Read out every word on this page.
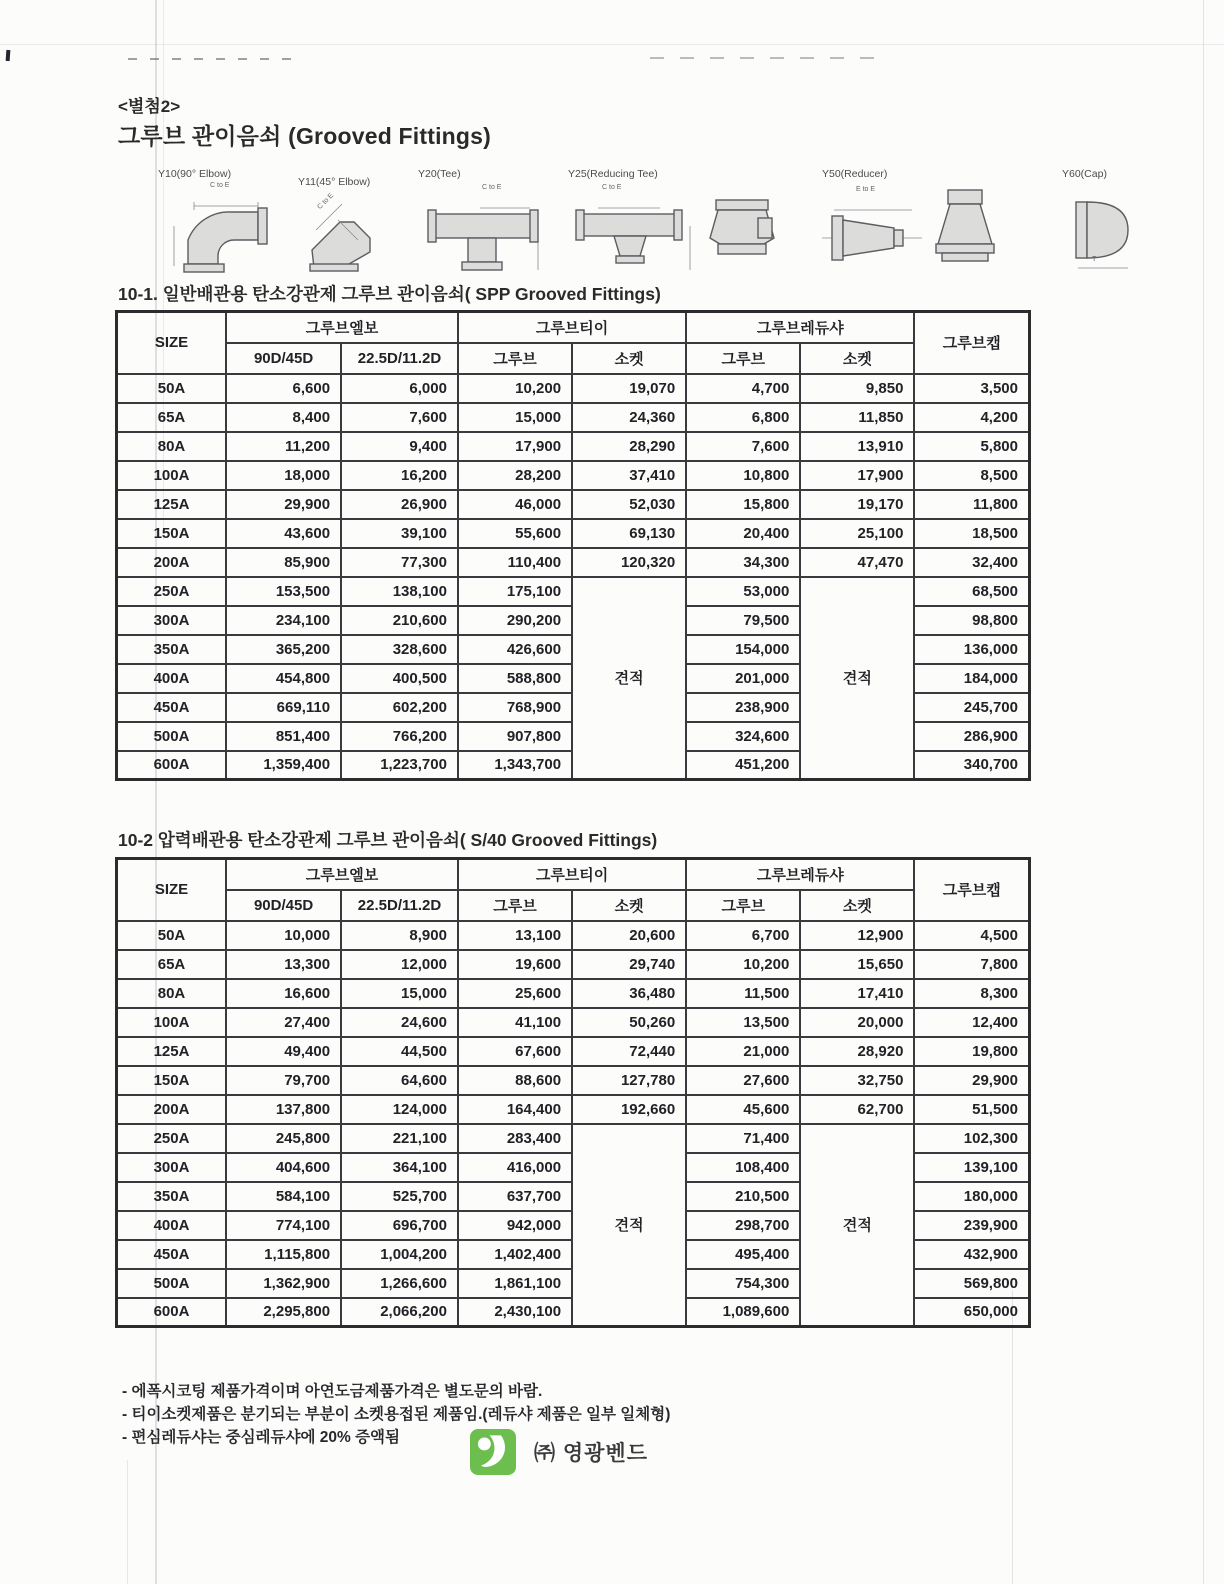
<별첨2>
그루브 관이음쇠 (Grooved Fittings)
Y10(90° Elbow)
C to E	Y11(45° Elbow)
C to E
Y20(Tee)
C to E
Y25(Reducing Tee)
C to E
Y50(Reducer)
E to E
Y60(Cap)
T
10-1. 일반배관용 탄소강관제 그루브 관이음쇠( SPP Grooved Fittings)
SIZE	그루브엘보		그루브티이		그루브레듀샤		그루브캡
	90D/45D	22.5D/11.2D	그루브	소켓	그루브	소켓	
50A	6,600	6,000	10,200	19,070	4,700	9,850	3,500
65A	8,400	7,600	15,000	24,360	6,800	11,850	4,200
80A	11,200	9,400	17,900	28,290	7,600	13,910	5,800
100A	18,000	16,200	28,200	37,410	10,800	17,900	8,500
125A	29,900	26,900	46,000	52,030	15,800	19,170	11,800
150A	43,600	39,100	55,600	69,130	20,400	25,100	18,500
200A	85,900	77,300	110,400	120,320	34,300	47,470	32,400
250A	153,500	138,100	175,100	견적	53,000	견적	68,500
300A	234,100	210,600	290,200		79,500		98,800
350A	365,200	328,600	426,600		154,000		136,000
400A	454,800	400,500	588,800		201,000		184,000
450A	669,110	602,200	768,900		238,900		245,700
500A	851,400	766,200	907,800		324,600		286,900
600A	1,359,400	1,223,700	1,343,700		451,200		340,700
10-2 압력배관용 탄소강관제 그루브 관이음쇠( S/40 Grooved Fittings)
SIZE	그루브엘보		그루브티이		그루브레듀샤		그루브캡
	90D/45D	22.5D/11.2D	그루브	소켓	그루브	소켓	
50A	10,000	8,900	13,100	20,600	6,700	12,900	4,500
65A	13,300	12,000	19,600	29,740	10,200	15,650	7,800
80A	16,600	15,000	25,600	36,480	11,500	17,410	8,300
100A	27,400	24,600	41,100	50,260	13,500	20,000	12,400
125A	49,400	44,500	67,600	72,440	21,000	28,920	19,800
150A	79,700	64,600	88,600	127,780	27,600	32,750	29,900
200A	137,800	124,000	164,400	192,660	45,600	62,700	51,500
250A	245,800	221,100	283,400	견적	71,400	견적	102,300
300A	404,600	364,100	416,000		108,400		139,100
350A	584,100	525,700	637,700		210,500		180,000
400A	774,100	696,700	942,000		298,700		239,900
450A	1,115,800	1,004,200	1,402,400		495,400		432,900
500A	1,362,900	1,266,600	1,861,100		754,300		569,800
600A	2,295,800	2,066,200	2,430,100		1,089,600		650,000
- 에폭시코팅 제품가격이며 아연도금제품가격은 별도문의 바람.
- 티이소켓제품은 분기되는 부분이 소켓용접된 제품임.(레듀샤 제품은 일부 일체형)
- 편심레듀샤는 중심레듀샤에 20% 증액됨
㈜ 영광벤드
